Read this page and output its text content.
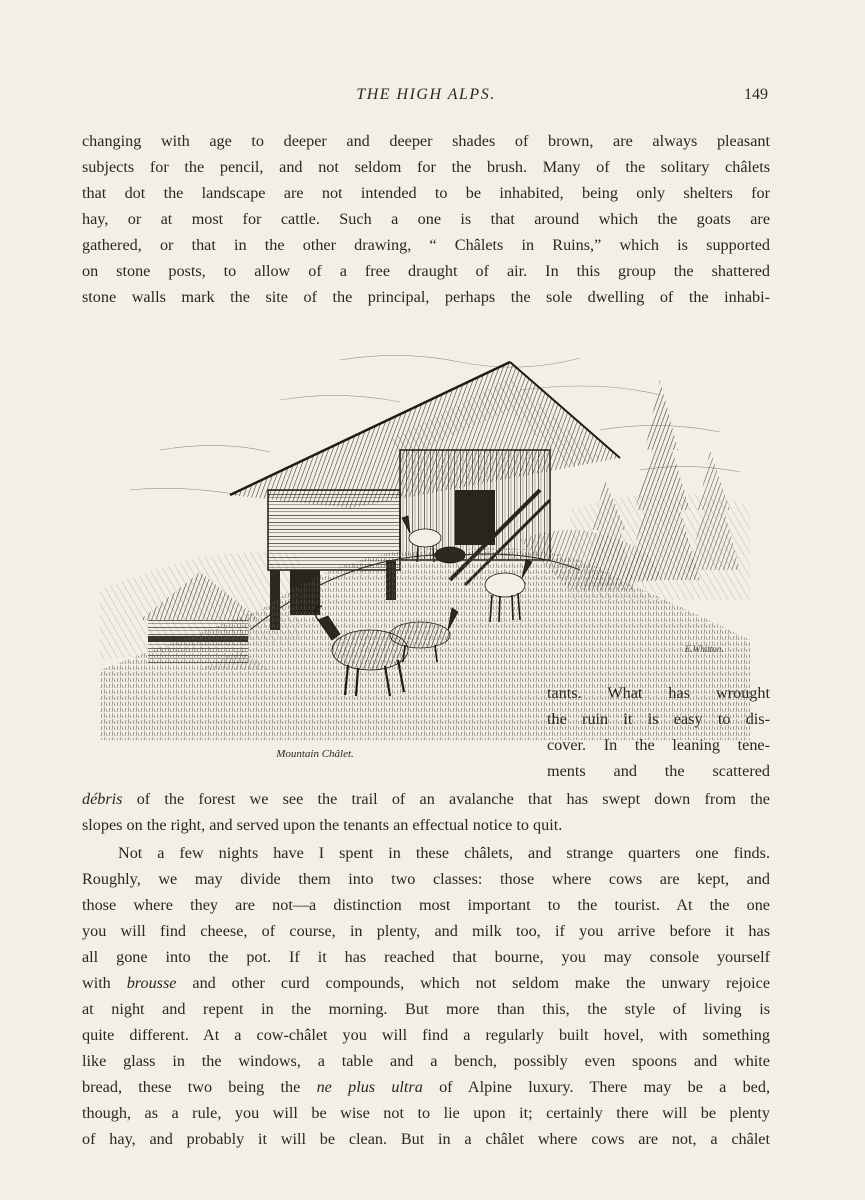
THE HIGH ALPS.	149
changing with age to deeper and deeper shades of brown, are always pleasant
subjects for the pencil, and not seldom for the brush. Many of the solitary châlets
that dot the landscape are not intended to be inhabited, being only shelters for
hay, or at most for cattle. Such a one is that around which the goats are
gathered, or that in the other drawing, “ Châlets in Ruins,” which is supported
on stone posts, to allow of a free draught of air. In this group the shattered
stone walls mark the site of the principal, perhaps the sole dwelling of the inhabi-
E.Whitton.
Mountain Châlet.
tants. What has wrought
the ruin it is easy to dis-
cover. In the leaning tene-
ments and the scattered
débris of the forest we see the trail of an avalanche that has swept down from the
slopes on the right, and served upon the tenants an effectual notice to quit.
Not a few nights have I spent in these châlets, and strange quarters one finds.
Roughly, we may divide them into two classes: those where cows are kept, and
those where they are not—a distinction most important to the tourist. At the one
you will find cheese, of course, in plenty, and milk too, if you arrive before it has
all gone into the pot. If it has reached that bourne, you may console yourself
with brousse and other curd compounds, which not seldom make the unwary rejoice
at night and repent in the morning. But more than this, the style of living is
quite different. At a cow-châlet you will find a regularly built hovel, with something
like glass in the windows, a table and a bench, possibly even spoons and white
bread, these two being the ne plus ultra of Alpine luxury. There may be a bed,
though, as a rule, you will be wise not to lie upon it; certainly there will be plenty
of hay, and probably it will be clean. But in a châlet where cows are not, a châlet
